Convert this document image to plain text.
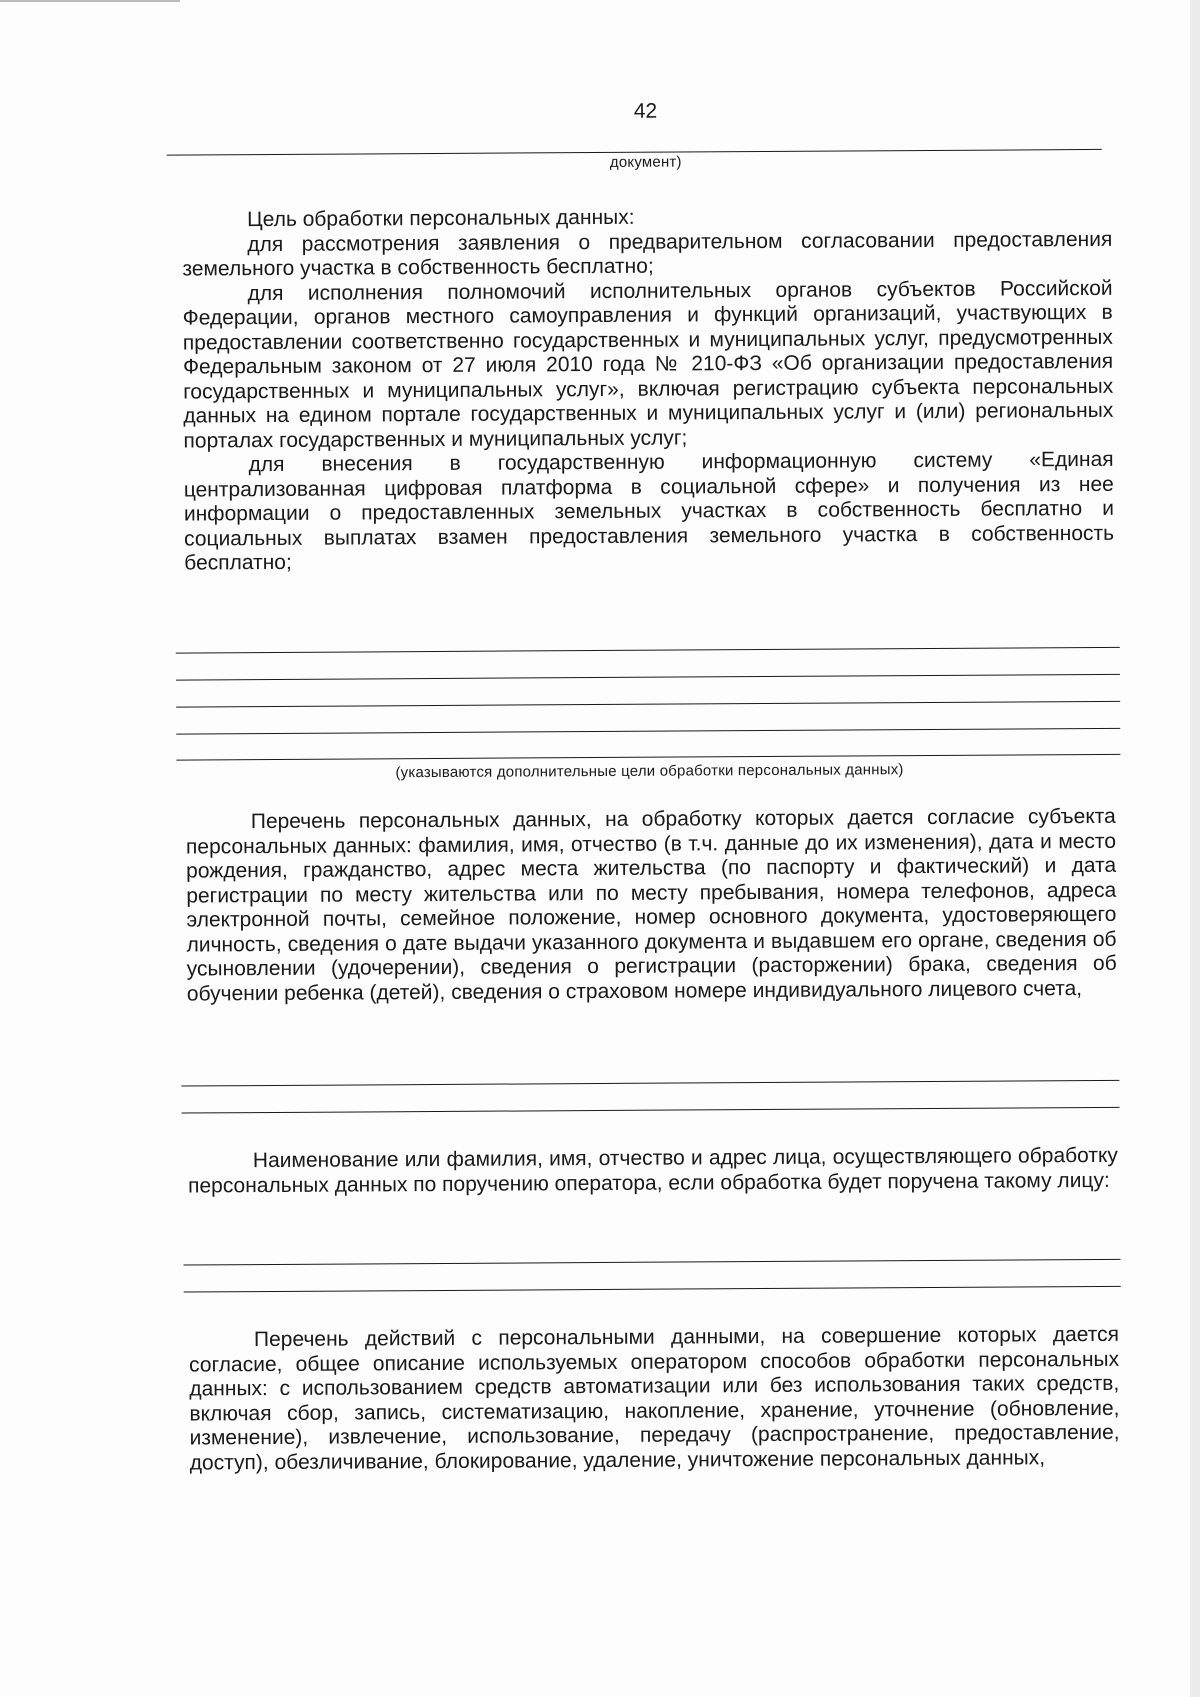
42
документ)

Цель обработки персональных данных:

для рассмотрения заявления о предварительном согласовании предоставления земельного участка в собственность бесплатно;

для исполнения полномочий исполнительных органов субъектов Российской Федерации, органов местного самоуправления и функций организаций, участвующих в предоставлении соответственно государственных и муниципальных услуг, предусмотренных Федеральным законом от 27 июля 2010 года № 210-ФЗ «Об организации предоставления государственных и муниципальных услуг», включая регистрацию субъекта персональных данных на едином портале государственных и муниципальных услуг и (или) региональных порталах государственных и муниципальных услуг;

для внесения в государственную информационную систему «Единая централизованная цифровая платформа в социальной сфере» и получения из нее информации о предоставленных земельных участках в собственность бесплатно и социальных выплатах взамен предоставления земельного участка в собственность бесплатно;

(указываются дополнительные цели обработки персональных данных)

Перечень персональных данных, на обработку которых дается согласие субъекта персональных данных: фамилия, имя, отчество (в т.ч. данные до их изменения), дата и место рождения, гражданство, адрес места жительства (по паспорту и фактический) и дата регистрации по месту жительства или по месту пребывания, номера телефонов, адреса электронной почты, семейное положение, номер основного документа, удостоверяющего личность, сведения о дате выдачи указанного документа и выдавшем его органе, сведения об усыновлении (удочерении), сведения о регистрации (расторжении) брака, сведения об обучении ребенка (детей), сведения о страховом номере индивидуального лицевого счета,

Наименование или фамилия, имя, отчество и адрес лица, осуществляющего обработку персональных данных по поручению оператора, если обработка будет поручена такому лицу:

Перечень действий с персональными данными, на совершение которых дается согласие, общее описание используемых оператором способов обработки персональных данных: с использованием средств автоматизации или без использования таких средств, включая сбор, запись, систематизацию, накопление, хранение, уточнение (обновление, изменение), извлечение, использование, передачу (распространение, предоставление, доступ), обезличивание, блокирование, удаление, уничтожение персональных данных,
